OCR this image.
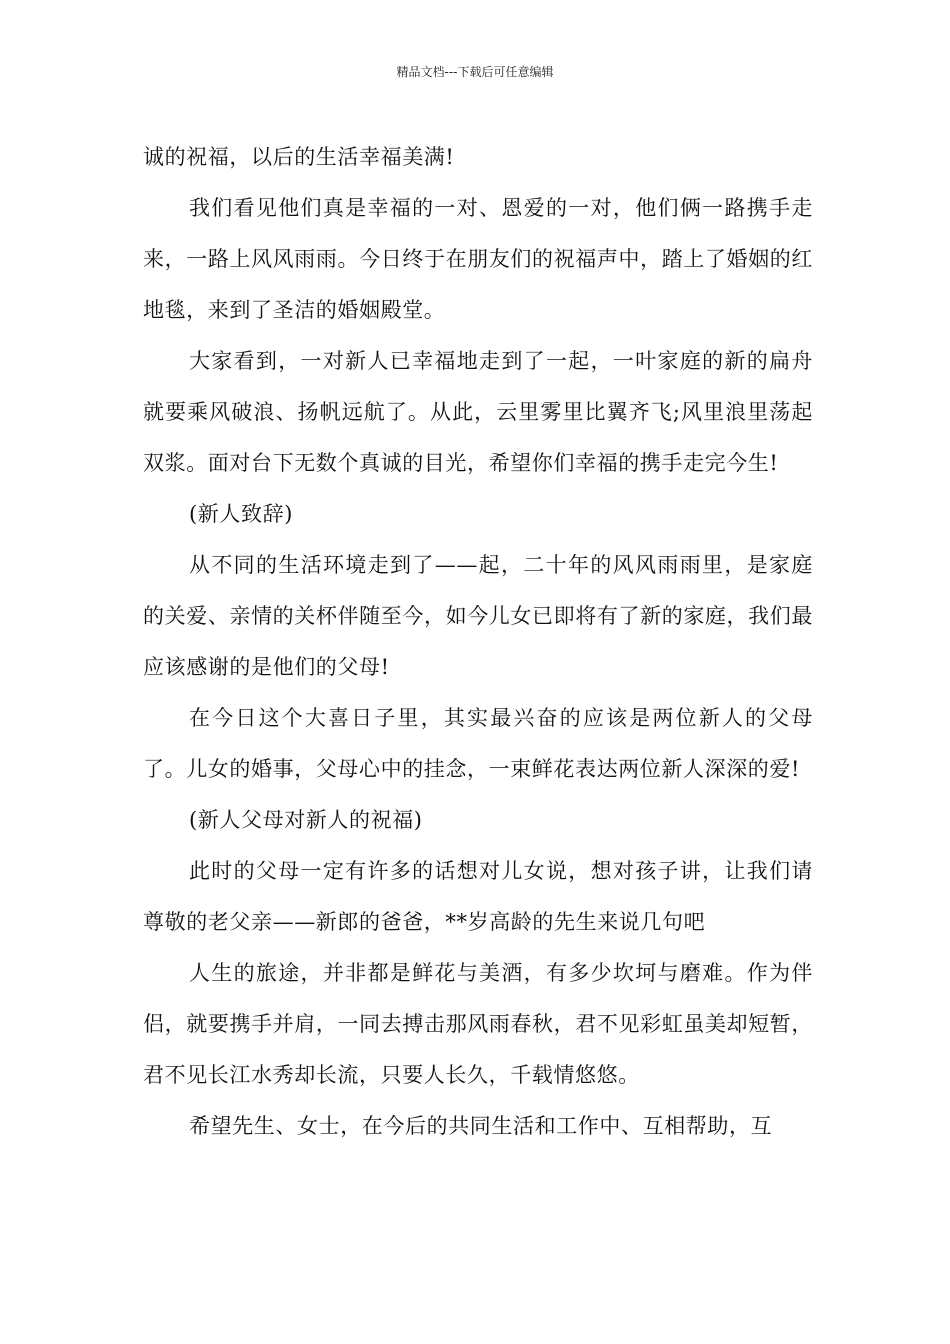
精品文档---下载后可任意编辑

诚的祝福，以后的生活幸福美满!

我们看见他们真是幸福的一对、恩爱的一对，他们俩一路携手走来，一路上风风雨雨。今日终于在朋友们的祝福声中，踏上了婚姻的红地毯，来到了圣洁的婚姻殿堂。

大家看到，一对新人已幸福地走到了一起，一叶家庭的新的扁舟就要乘风破浪、扬帆远航了。从此，云里雾里比翼齐飞;风里浪里荡起双浆。面对台下无数个真诚的目光，希望你们幸福的携手走完今生!

(新人致辞)

从不同的生活环境走到了——起，二十年的风风雨雨里，是家庭的关爱、亲情的关杯伴随至今，如今儿女已即将有了新的家庭，我们最应该感谢的是他们的父母!

在今日这个大喜日子里，其实最兴奋的应该是两位新人的父母了。儿女的婚事，父母心中的挂念，一束鲜花表达两位新人深深的爱!

(新人父母对新人的祝福)

此时的父母一定有许多的话想对儿女说，想对孩子讲，让我们请 尊敬的老父亲——新郎的爸爸，**岁高龄的先生来说几句吧

人生的旅途，并非都是鲜花与美酒，有多少坎坷与磨难。作为伴侣，就要携手并肩，一同去搏击那风雨春秋，君不见彩虹虽美却短暂，君不见长江水秀却长流，只要人长久，千载情悠悠。

希望先生、女士，在今后的共同生活和工作中、互相帮助，互
